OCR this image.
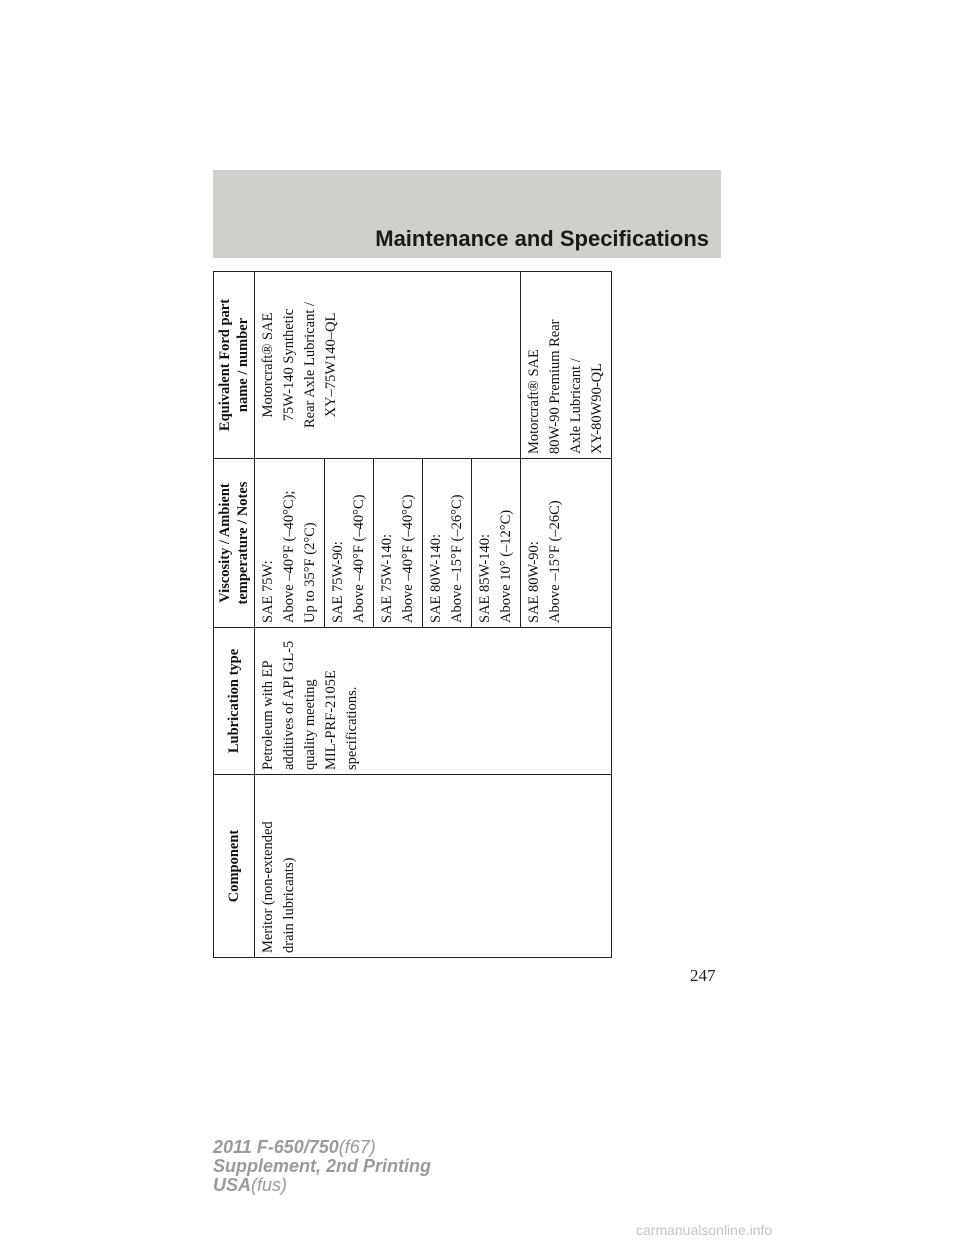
Maintenance and Specifications
Component	Lubrication type	Viscosity / Ambient temperature / Notes	Equivalent Ford part name / number

Meritor (non-extended drain lubricants)	Petroleum with EP additives of API GL-5 quality meeting MIL-PRF-2105E specifications.	SAE 75W: Above –40°F (–40°C); Up to 35°F (2°C)	Motorcraft® SAE 75W-140 Synthetic Rear Axle Lubricant / XY–75W140–QL

		SAE 75W-90: Above –40°F (–40°C)	

		SAE 75W-140: Above –40°F (–40°C)	

		SAE 80W-140: Above –15°F (–26°C)	

		SAE 85W-140: Above 10° (–12°C)	

		SAE 80W-90: Above –15°F (–26C)	Motorcraft® SAE 80W-90 Premium Rear Axle Lubricant / XY-80W90-QL
247
2011 F-650/750(f67)
Supplement, 2nd Printing
USA(fus)
carmanualsonline.info
